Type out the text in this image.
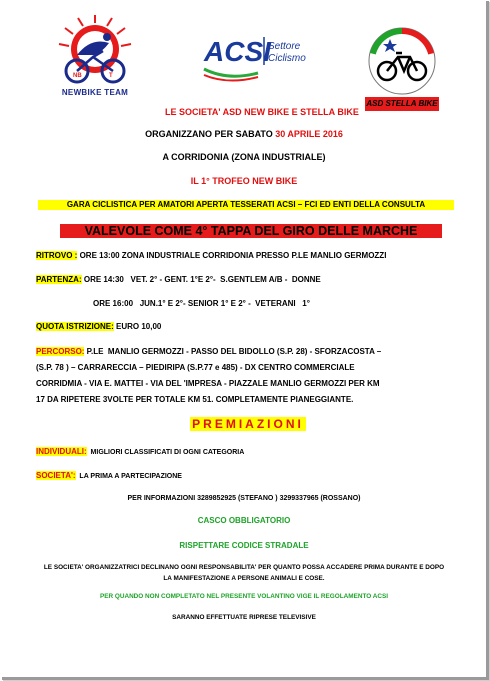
NB	T
NEWBIKE TEAM
ACSI
Settore
Ciclismo
ASD STELLA BIKE
LE SOCIETA' ASD NEW BIKE E STELLA BIKE
ORGANIZZANO PER SABATO 30 APRILE 2016
A CORRIDONIA (ZONA INDUSTRIALE)
IL 1° TROFEO NEW BIKE
GARA CICLISTICA PER AMATORI APERTA TESSERATI ACSI – FCI ED ENTI DELLA CONSULTA
VALEVOLE COME 4° TAPPA DEL GIRO DELLE MARCHE
RITROVO : ORE 13:00 ZONA INDUSTRIALE CORRIDONIA PRESSO P.LE MANLIO GERMOZZI
PARTENZA: ORE 14:30   VET. 2° - GENT. 1°E 2°-  S.GENTLEM A/B -  DONNE
ORE 16:00   JUN.1° E 2°- SENIOR 1° E 2° -  VETERANI   1°
QUOTA ISTRIZIONE: EURO 10,00
PERCORSO: P.LE  MANLIO GERMOZZI - PASSO DEL BIDOLLO (S.P. 28) - SFORZACOSTA –
(S.P. 78 ) – CARRARECCIA – PIEDIRIPA (S.P.77 e 485) - DX CENTRO COMMERCIALE
CORRIDMIA - VIA E. MATTEI - VIA DEL 'IMPRESA - PIAZZALE MANLIO GERMOZZI PER KM
17 DA RIPETERE 3VOLTE PER TOTALE KM 51. COMPLETAMENTE PIANEGGIANTE.
PREMIAZIONI
INDIVIDUALI:  MIGLIORI CLASSIFICATI DI OGNI CATEGORIA
SOCIETA':  LA PRIMA A PARTECIPAZIONE
PER INFORMAZIONI 3289852925 (STEFANO ) 3299337965 (ROSSANO)
CASCO OBBLIGATORIO
RISPETTARE CODICE STRADALE
LE SOCIETA' ORGANIZZATRICI DECLINANO OGNI RESPONSABILITA' PER QUANTO POSSA ACCADERE PRIMA DURANTE E DOPO
LA MANIFESTAZIONE A PERSONE ANIMALI E COSE.
PER QUANDO NON COMPLETATO NEL PRESENTE VOLANTINO VIGE IL REGOLAMENTO ACSI
SARANNO EFFETTUATE RIPRESE TELEVISIVE
